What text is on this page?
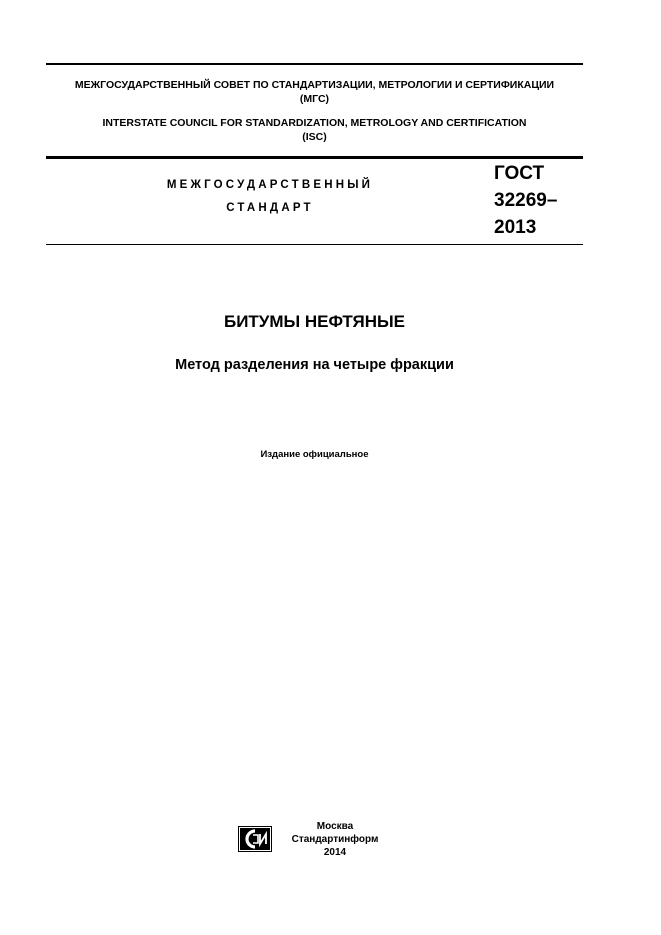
МЕЖГОСУДАРСТВЕННЫЙ СОВЕТ ПО СТАНДАРТИЗАЦИИ, МЕТРОЛОГИИ И СЕРТИФИКАЦИИ
(МГС)
INTERSTATE COUNCIL FOR STANDARDIZATION, METROLOGY AND CERTIFICATION
(ISC)
МЕЖГОСУДАРСТВЕННЫЙ
СТАНДАРТ
ГОСТ
32269–
2013
БИТУМЫ НЕФТЯНЫЕ
Метод разделения на четыре фракции
Издание официальное
Москва
Стандартинформ
2014
